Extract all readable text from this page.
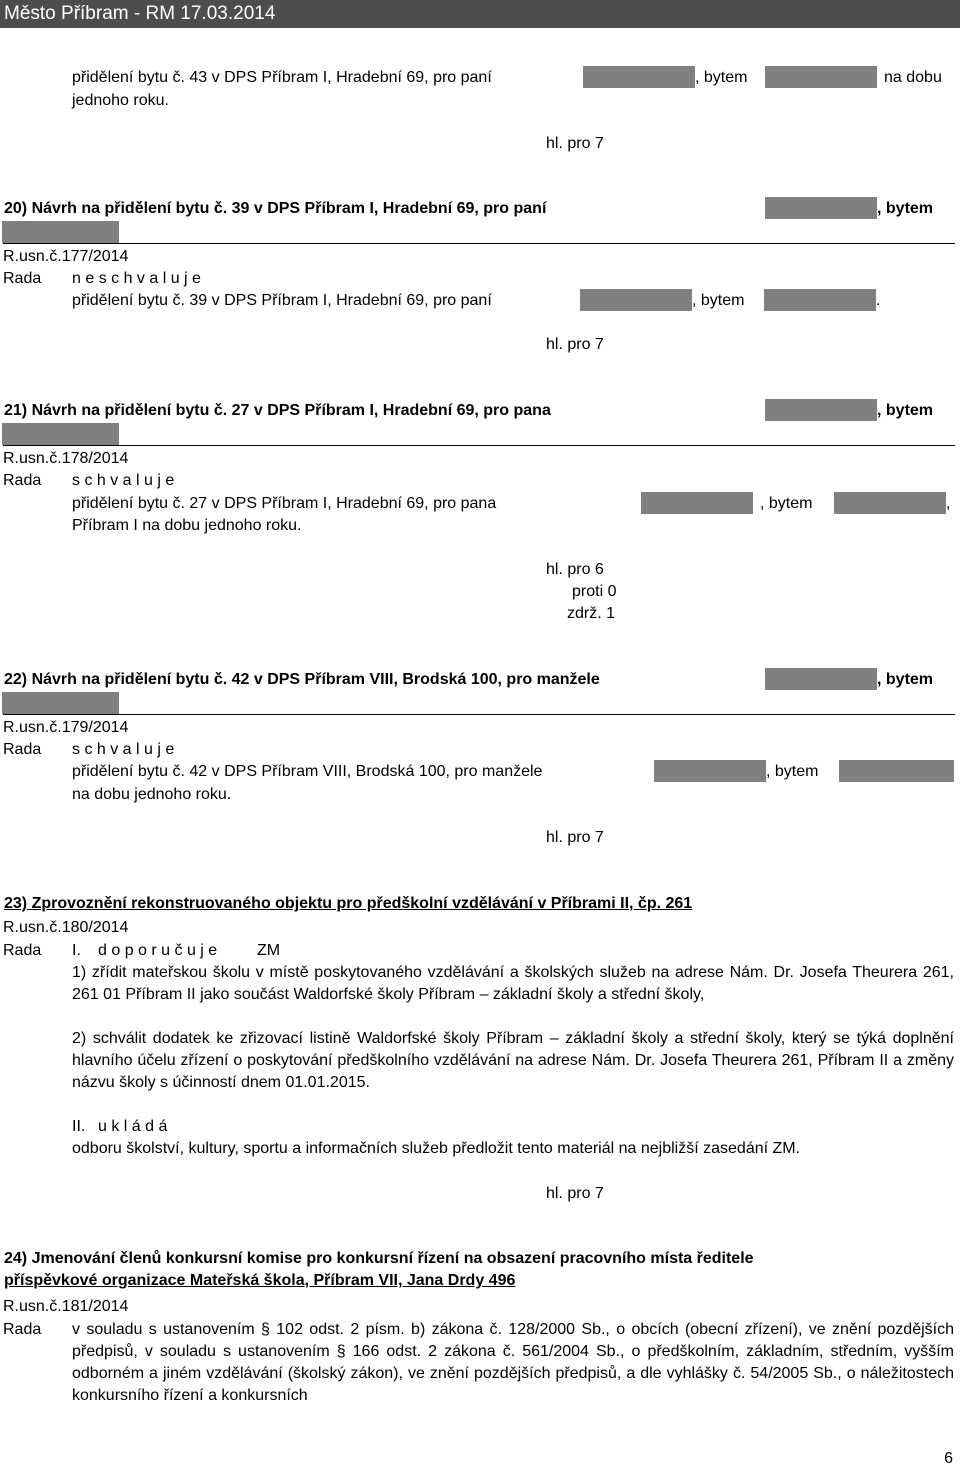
Město Příbram - RM 17.03.2014
přidělení bytu č. 43 v DPS Příbram I, Hradební 69, pro paní	, bytem	na dobu
jednoho roku.
hl. pro 7
20) Návrh na přidělení bytu č. 39 v DPS Příbram I, Hradební 69, pro paní	, bytem
R.usn.č.177/2014
Rada n e s c h v a l u j e
přidělení bytu č. 39 v DPS Příbram I, Hradební 69, pro paní	, bytem	.
hl. pro 7
21) Návrh na přidělení bytu č. 27 v DPS Příbram I, Hradební 69, pro pana	, bytem
R.usn.č.178/2014
Rada s c h v a l u j e
přidělení bytu č. 27 v DPS Příbram I, Hradební 69, pro pana	, bytem	,
Příbram I na dobu jednoho roku.
hl. pro 6
proti 0
zdrž. 1
22) Návrh na přidělení bytu č. 42 v DPS Příbram VIII, Brodská 100, pro manžele	, bytem
R.usn.č.179/2014
Rada s c h v a l u j e
přidělení bytu č. 42 v DPS Příbram VIII, Brodská 100, pro manžele	, bytem
na dobu jednoho roku.
hl. pro 7
23) Zprovoznění rekonstruovaného objektu pro předškolní vzdělávání v Příbrami II, čp. 261
R.usn.č.180/2014
Rada I. d o p o r u č u j e ZM
1) zřídit mateřskou školu v místě poskytovaného vzdělávání a školských služeb na adrese Nám. Dr. Josefa Theurera 261, 261 01 Příbram II jako součást Waldorfské školy Příbram – základní školy a střední školy,
2) schválit dodatek ke zřizovací listině Waldorfské školy Příbram – základní školy a střední školy, který se týká doplnění hlavního účelu zřízení o poskytování předškolního vzdělávání na adrese Nám. Dr. Josefa Theurera 261, Příbram II a změny názvu školy s účinností dnem 01.01.2015.
II. u k l á d á
odboru školství, kultury, sportu a informačních služeb předložit tento materiál na nejbližší zasedání ZM.
hl. pro 7
24) Jmenování členů konkursní komise pro konkursní řízení na obsazení pracovního místa ředitele
příspěvkové organizace Mateřská škola, Příbram VII, Jana Drdy 496
R.usn.č.181/2014
Rada v souladu s ustanovením § 102 odst. 2 písm. b) zákona č. 128/2000 Sb., o obcích (obecní zřízení), ve znění pozdějších předpisů, v souladu s ustanovením § 166 odst. 2 zákona č. 561/2004 Sb., o předškolním, základním, středním, vyšším odborném a jiném vzdělávání (školský zákon), ve znění pozdějších předpisů, a dle vyhlášky č. 54/2005 Sb., o náležitostech konkursního řízení a konkursních
6
